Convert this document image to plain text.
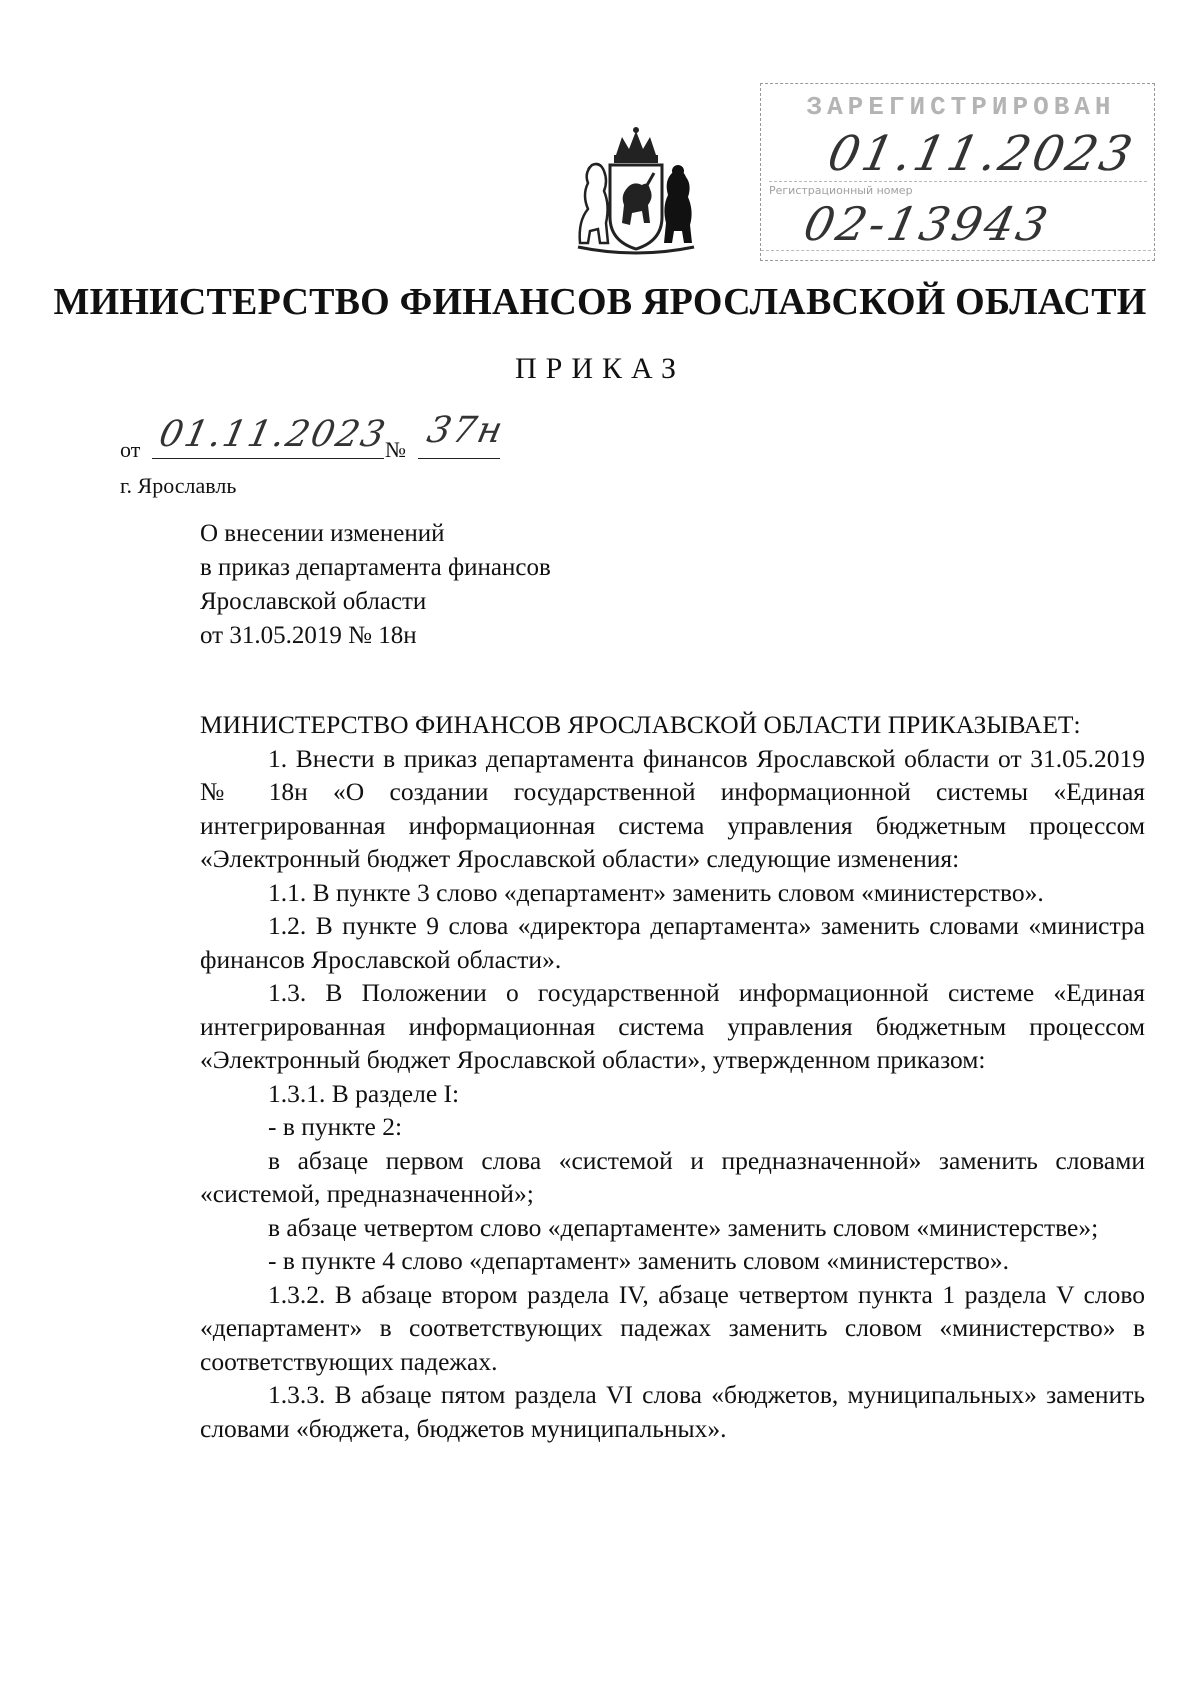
ЗАРЕГИСТРИРОВАН
01.11.2023
Регистрационный номер
02-13943
МИНИСТЕРСТВО ФИНАНСОВ ЯРОСЛАВСКОЙ ОБЛАСТИ
ПРИКАЗ
от 01.11.2023
№ 37н
г. Ярославль
О внесении изменений
в приказ департамента финансов
Ярославской области
от 31.05.2019 № 18н
МИНИСТЕРСТВО ФИНАНСОВ ЯРОСЛАВСКОЙ ОБЛАСТИ ПРИКАЗЫВАЕТ:
1. Внести в приказ департамента финансов Ярославской области от 31.05.2019 № 18н «О создании государственной информационной системы «Единая интегрированная информационная система управления бюджетным процессом «Электронный бюджет Ярославской области» следующие изменения:
1.1. В пункте 3 слово «департамент» заменить словом «министерство».
1.2. В пункте 9 слова «директора департамента» заменить словами «министра финансов Ярославской области».
1.3. В Положении о государственной информационной системе «Единая интегрированная информационная система управления бюджетным процессом «Электронный бюджет Ярославской области», утвержденном приказом:
1.3.1. В разделе I:
- в пункте 2:
в абзаце первом слова «системой и предназначенной» заменить словами «системой, предназначенной»;
в абзаце четвертом слово «департаменте» заменить словом «министерстве»;
- в пункте 4 слово «департамент» заменить словом «министерство».
1.3.2. В абзаце втором раздела IV, абзаце четвертом пункта 1 раздела V слово «департамент» в соответствующих падежах заменить словом «министерство» в соответствующих падежах.
1.3.3. В абзаце пятом раздела VI слова «бюджетов, муниципальных» заменить словами «бюджета, бюджетов муниципальных».
